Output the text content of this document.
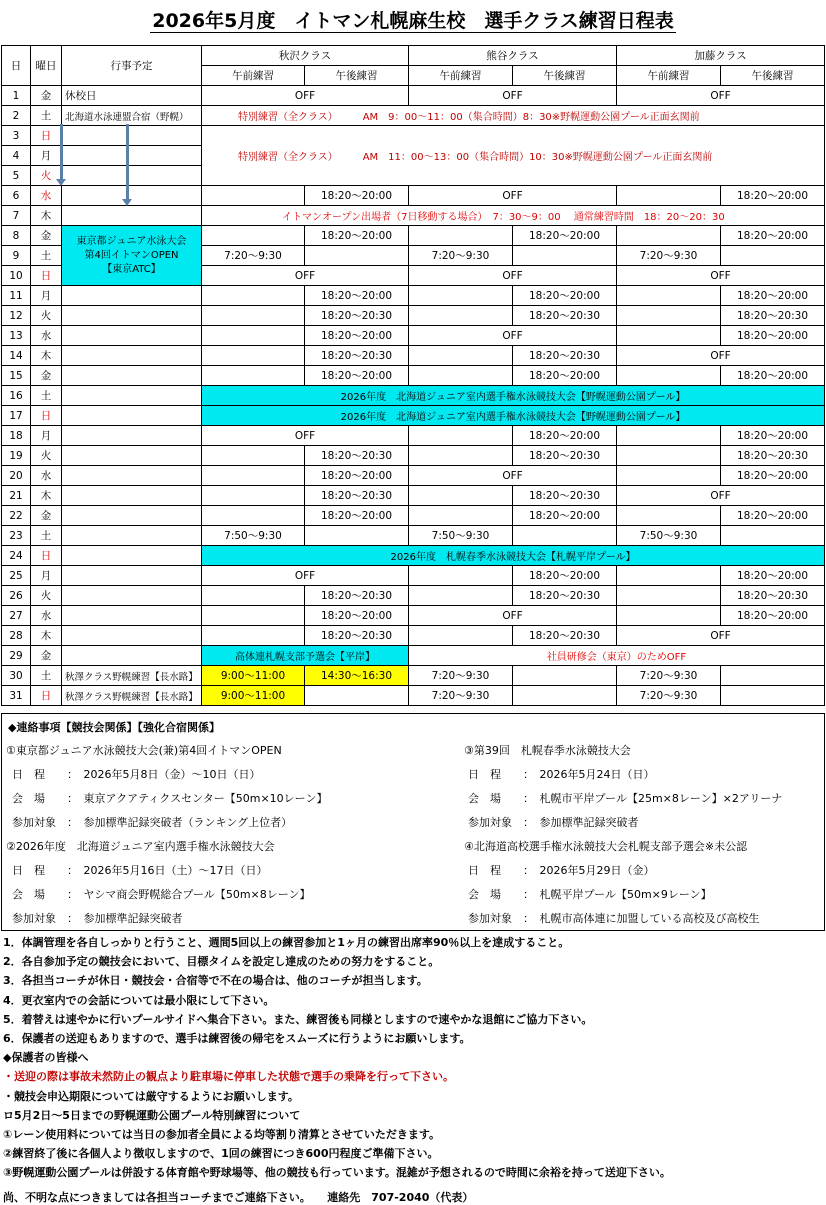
2026年5月度　イトマン札幌麻生校　選手クラス練習日程表
日	曜日	行事予定	秋沢クラス		熊谷クラス		加藤クラス	
			午前練習	午後練習	午前練習	午後練習	午前練習	午後練習
1	金	休校日	OFF		OFF		OFF	
2	土	北海道水泳連盟合宿（野幌）	特別練習（全クラス）　　　AM　9：00～11：00（集合時間）8：30※野幌運動公園プール正面玄関前					
3	日		特別練習（全クラス）　　　AM　11：00～13：00（集合時間）10：30※野幌運動公園プール正面玄関前					
4	月							
5	火							
6	水			18:20～20:00	OFF			18:20～20:00
7	木		イトマンオープン出場者（7日移動する場合）　7：30～9：00　 通常練習時間　18：20～20：30					
8	金	東京都ジュニア水泳大会
第4回イトマンOPEN
【東京ATC】		18:20～20:00		18:20～20:00		18:20～20:00
9	土		7:20～9:30		7:20～9:30		7:20～9:30	
10	日		OFF		OFF		OFF	
11	月			18:20～20:00		18:20～20:00		18:20～20:00
12	火			18:20～20:30		18:20～20:30		18:20～20:30
13	水			18:20～20:00	OFF			18:20～20:00
14	木			18:20～20:30		18:20～20:30	OFF	
15	金			18:20～20:00		18:20～20:00		18:20～20:00
16	土		2026年度　北海道ジュニア室内選手権水泳競技大会【野幌運動公園プール】					
17	日		2026年度　北海道ジュニア室内選手権水泳競技大会【野幌運動公園プール】					
18	月		OFF			18:20～20:00		18:20～20:00
19	火			18:20～20:30		18:20～20:30		18:20～20:30
20	水			18:20～20:00	OFF			18:20～20:00
21	木			18:20～20:30		18:20～20:30	OFF	
22	金			18:20～20:00		18:20～20:00		18:20～20:00
23	土		7:50～9:30		7:50～9:30		7:50～9:30	
24	日		2026年度　札幌春季水泳競技大会【札幌平岸プール】					
25	月		OFF			18:20～20:00		18:20～20:00
26	火			18:20～20:30		18:20～20:30		18:20～20:30
27	水			18:20～20:00	OFF			18:20～20:00
28	木			18:20～20:30		18:20～20:30	OFF	
29	金		高体連札幌支部予選会【平岸】		社員研修会（東京）のためOFF			
30	土	秋澤クラス野幌練習【長水路】	9:00～11:00	14:30～16:30	7:20～9:30		7:20～9:30	
31	日	秋澤クラス野幌練習【長水路】	9:00～11:00		7:20～9:30		7:20～9:30	
◆連絡事項【競技会関係】【強化合宿関係】
①東京都ジュニア水泳競技大会(兼)第4回イトマンOPEN
日　程　　：　2026年5月8日（金）～10日（日）
会　場　　：　東京アクアティクスセンター【50m×10レーン】
参加対象　：　参加標準記録突破者（ランキング上位者）
②2026年度　北海道ジュニア室内選手権水泳競技大会
日　程　　：　2026年5月16日（土）～17日（日）
会　場　　：　ヤシマ商会野幌総合プール【50m×8レーン】
参加対象　：　参加標準記録突破者
③第39回　札幌春季水泳競技大会
日　程　　：　2026年5月24日（日）
会　場　　：　札幌市平岸プール【25m×8レーン】×2アリーナ
参加対象　：　参加標準記録突破者
④北海道高校選手権水泳競技大会札幌支部予選会※未公認
日　程　　：　2026年5月29日（金）
会　場　　：　札幌平岸プール【50m×9レーン】
参加対象　：　札幌市高体連に加盟している高校及び高校生
1．体調管理を各自しっかりと行うこと、週間5回以上の練習参加と1ヶ月の練習出席率90％以上を達成すること。
2．各自参加予定の競技会において、目標タイムを設定し達成のための努力をすること。
3．各担当コーチが休日・競技会・合宿等で不在の場合は、他のコーチが担当します。
4．更衣室内での会話については最小限にして下さい。
5．着替えは速やかに行いプールサイドへ集合下さい。また、練習後も同様としますので速やかな退館にご協力下さい。
6．保護者の送迎もありますので、選手は練習後の帰宅をスムーズに行うようにお願いします。
◆保護者の皆様へ
・送迎の際は事故未然防止の観点より駐車場に停車した状態で選手の乗降を行って下さい。
・競技会申込期限については厳守するようにお願いします。
ロ5月2日～5日までの野幌運動公園プール特別練習について
①レーン使用料については当日の参加者全員による均等割り清算とさせていただきます。
②練習終了後に各個人より徴収しますので、1回の練習につき600円程度ご準備下さい。
③野幌運動公園プールは併設する体育館や野球場等、他の競技も行っています。混雑が予想されるので時間に余裕を持って送迎下さい。
尚、不明な点につきましては各担当コーチまでご連絡下さい。　　連絡先　707-2040（代表）
